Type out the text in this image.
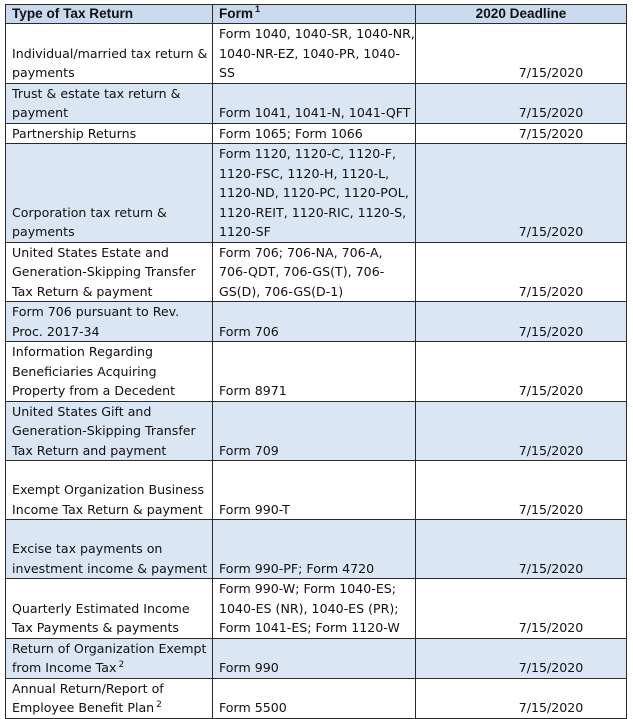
Type of Tax Return	Form $^1$	2020 Deadline
Individual/married tax return & payments	Form 1040, 1040-SR, 1040-NR, 1040-NR-EZ, 1040-PR, 1040-SS	7/15/2020
Trust & estate tax return & payment	Form 1041, 1041-N, 1041-QFT	7/15/2020
Partnership Returns	Form 1065; Form 1066	7/15/2020
Corporation tax return & payments	Form 1120, 1120-C, 1120-F, 1120-FSC, 1120-H, 1120-L, 1120-ND, 1120-PC, 1120-POL, 1120-REIT, 1120-RIC, 1120-S, 1120-SF	7/15/2020
United States Estate and Generation-Skipping Transfer Tax Return & payment	Form 706; 706-NA, 706-A, 706-QDT, 706-GS(T), 706-GS(D), 706-GS(D-1)	7/15/2020
Form 706 pursuant to Rev. Proc. 2017-34	Form 706	7/15/2020
Information Regarding Beneficiaries Acquiring Property from a Decedent	Form 8971	7/15/2020
United States Gift and Generation-Skipping Transfer Tax Return and payment	Form 709	7/15/2020
Exempt Organization Business Income Tax Return & payment	Form 990-T	7/15/2020
Excise tax payments on investment income & payment	Form 990-PF; Form 4720	7/15/2020
Quarterly Estimated Income Tax Payments & payments	Form 990-W; Form 1040-ES; 1040-ES (NR), 1040-ES (PR); Form 1041-ES; Form 1120-W	7/15/2020
Return of Organization Exempt from Income Tax $^2$	Form 990	7/15/2020
Annual Return/Report of Employee Benefit Plan $^2$	Form 5500	7/15/2020
